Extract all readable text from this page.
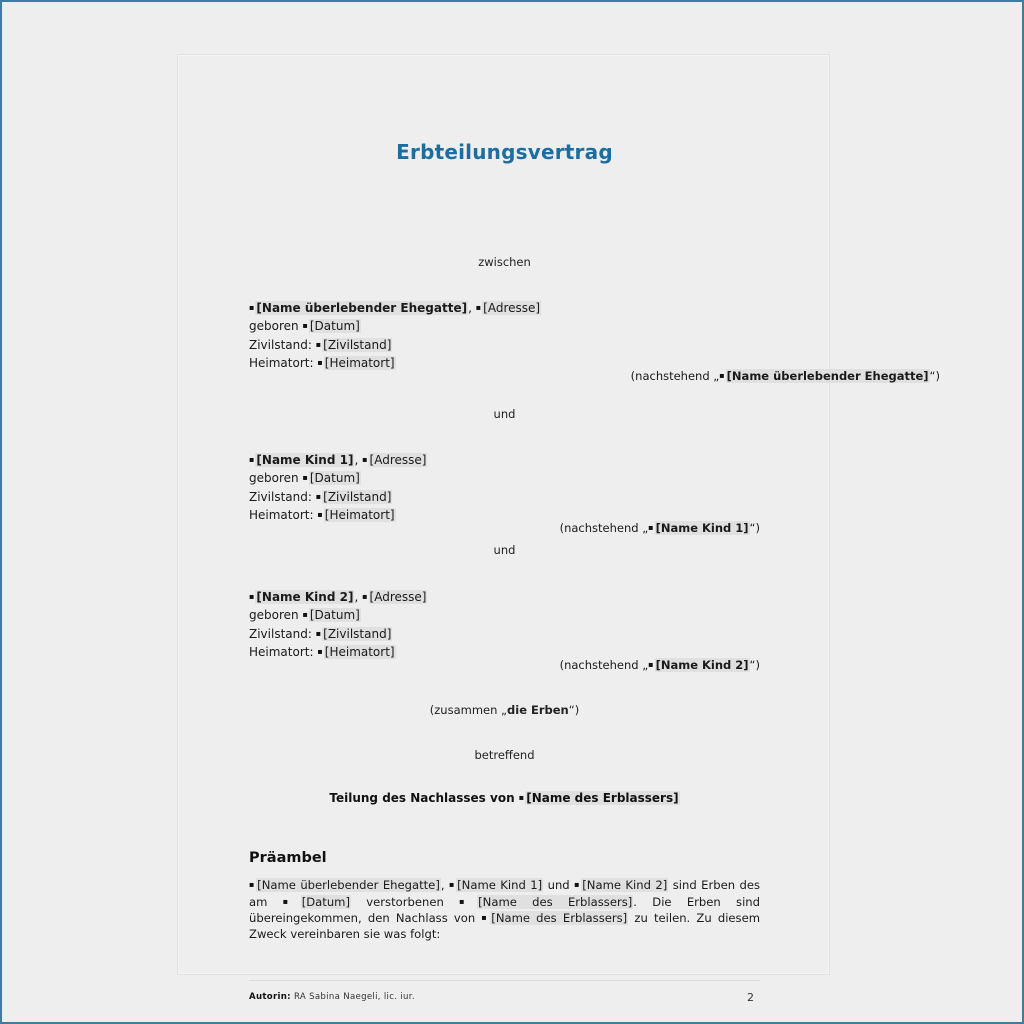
Erbteilungsvertrag
zwischen
▪ [Name überlebender Ehegatte], ▪ [Adresse]
geboren ▪ [Datum]
Zivilstand: ▪ [Zivilstand]
Heimatort: ▪ [Heimatort]
(nachstehend „▪ [Name überlebender Ehegatte]“)
und
▪ [Name Kind 1], ▪ [Adresse]
geboren ▪ [Datum]
Zivilstand: ▪ [Zivilstand]
Heimatort: ▪ [Heimatort]
(nachstehend „▪ [Name Kind 1]“)
und
▪ [Name Kind 2], ▪ [Adresse]
geboren ▪ [Datum]
Zivilstand: ▪ [Zivilstand]
Heimatort: ▪ [Heimatort]
(nachstehend „▪ [Name Kind 2]“)
(zusammen „die Erben“)
betreffend
Teilung des Nachlasses von ▪ [Name des Erblassers]
Präambel
▪ [Name überlebender Ehegatte], ▪ [Name Kind 1] und ▪ [Name Kind 2] sind Erben des am ▪ [Datum] verstorbenen ▪ [Name des Erblassers]. Die Erben sind übereingekommen, den Nachlass von ▪ [Name des Erblassers] zu teilen. Zu diesem Zweck vereinbaren sie was folgt:
Autorin: RA Sabina Naegeli, lic. iur.	2
